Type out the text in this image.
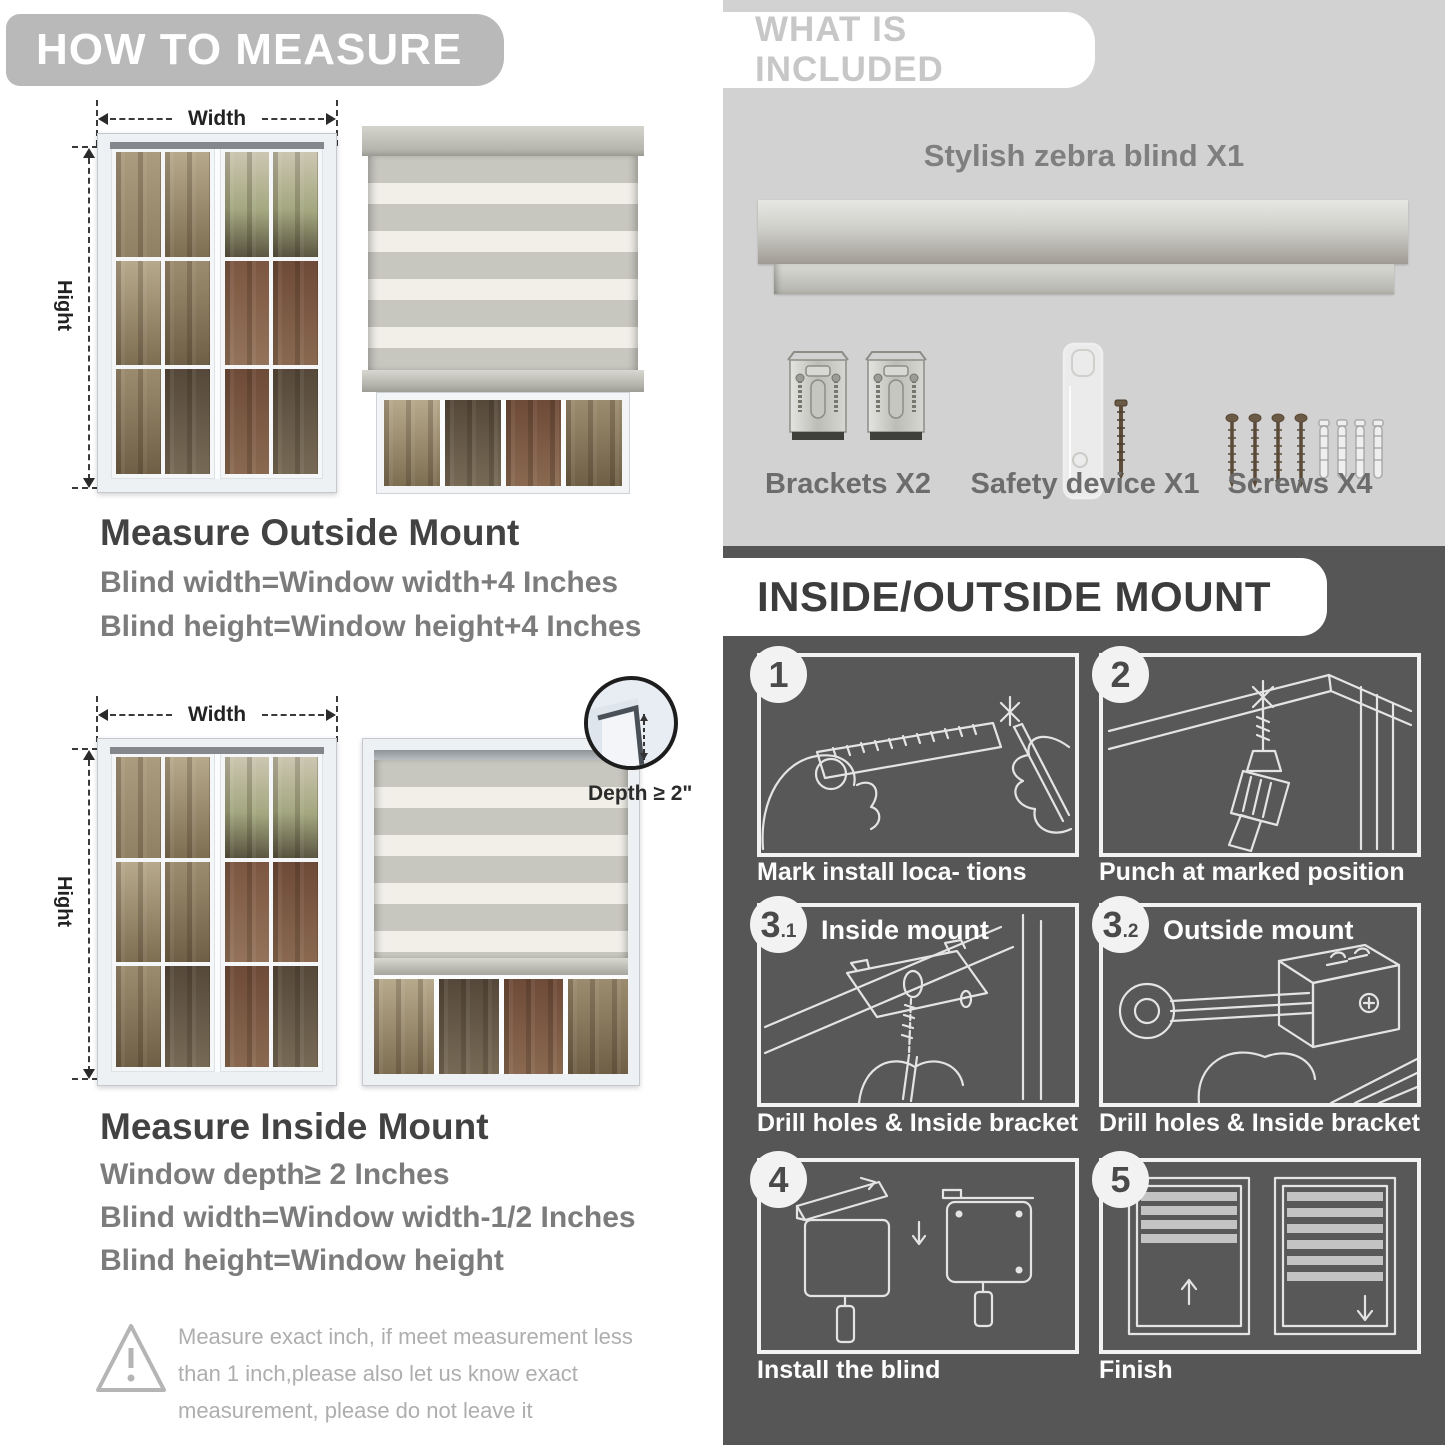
HOW TO MEASURE
Width
Hight
Measure Outside Mount
Blind width=Window width+4 Inches
Blind height=Window height+4 Inches
Width
Hight
Depth ≥ 2"
Measure Inside Mount
Window depth≥ 2 Inches
Blind width=Window width-1/2 Inches
Blind height=Window height
Measure exact inch, if meet measurement less
than 1 inch,please also let us know exact
measurement, please do not leave it
WHAT IS INCLUDED
Stylish zebra blind X1
Brackets X2	Safety device X1 Screws X4
INSIDE/OUTSIDE MOUNT
Mark install loca- tions
1
Punch at marked position
2
Drill holes & Inside bracket
3 .1 Inside mount
Drill holes & Inside bracket
3 .2 Outside mount
Install the blind
4
Finish
5
